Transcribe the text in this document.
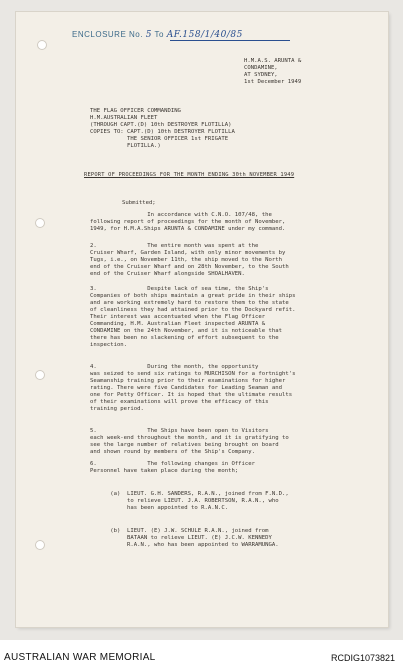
ENCLOSURE No. 5 To AF.158/1/40/85
H.M.A.S. ARUNTA &
CONDAMINE,
AT SYDNEY,
1st December 1949
THE FLAG OFFICER COMMANDING
H.M.AUSTRALIAN FLEET
(THROUGH CAPT.(D) 10th DESTROYER FLOTILLA)
COPIES TO: CAPT.(D) 10th DESTROYER FLOTILLA
THE SENIOR OFFICER 1st FRIGATE
FLOTILLA.)
REPORT OF PROCEEDINGS FOR THE MONTH ENDING 30th NOVEMBER 1949
Submitted;
In accordance with C.N.O. 107/48, the
following report of proceedings for the month of November,
1949, for H.M.A.Ships ARUNTA & CONDAMINE under my command.
2.               The entire month was spent at the
Cruiser Wharf, Garden Island, with only minor movements by
Tugs, i.e., on November 11th, the ship moved to the North
end of the Cruiser Wharf and on 28th November, to the South
end of the Cruiser Wharf alongside SHOALHAVEN.
3.               Despite lack of sea time, the Ship's
Companies of both ships maintain a great pride in their ships
and are working extremely hard to restore them to the state
of cleanliness they had attained prior to the Dockyard refit.
Their interest was accentuated when the Flag Officer
Commanding, H.M. Australian Fleet inspected ARUNTA &
CONDAMINE on the 24th November, and it is noticeable that
there has been no slackening of effort subsequent to the
inspection.
4.               During the month, the opportunity
was seized to send six ratings to MURCHISON for a fortnight's
Seamanship training prior to their examinations for higher
rating. There were five Candidates for Leading Seaman and
one for Petty Officer. It is hoped that the ultimate results
of their examinations will prove the efficacy of this
training period.
5.               The Ships have been open to Visitors
each week-end throughout the month, and it is gratifying to
see the large number of relatives being brought on board
and shown round by members of the Ship's Company.
6.               The following changes in Officer
Personnel have taken place during the month;
(a)  LIEUT. G.H. SANDERS, R.A.N., joined from F.N.D.,
to relieve LIEUT. J.A. ROBERTSON, R.A.N., who
has been appointed to R.A.N.C.
(b)  LIEUT. (E) J.W. SCHULE R.A.N., joined from
BATAAN to relieve LIEUT. (E) J.C.W. KENNEDY
R.A.N., who has been appointed to WARRAMUNGA.
AUSTRALIAN WAR MEMORIAL	RCDIG1073821
